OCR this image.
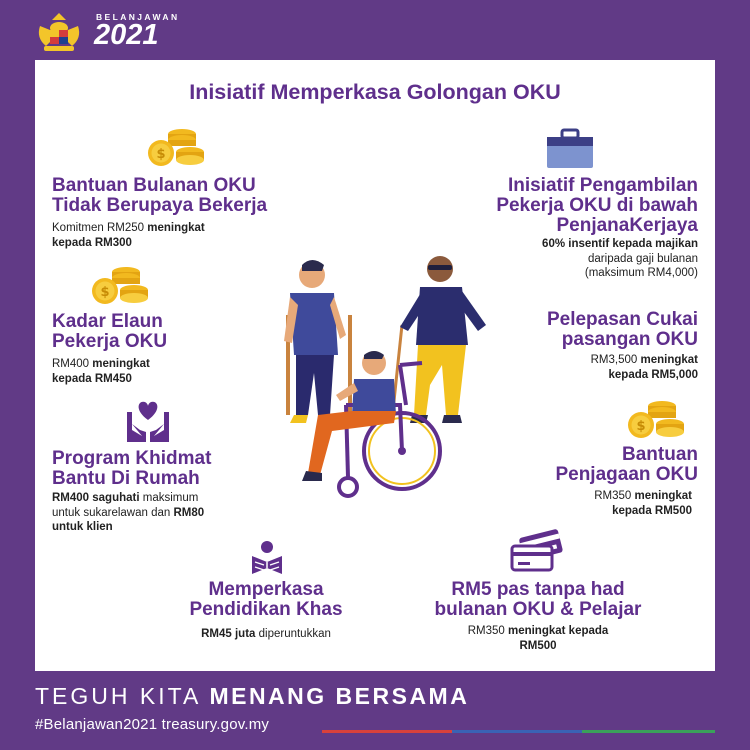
BELANJAWAN
2021
Inisiatif Memperkasa Golongan OKU
$
$
$
Bantuan Bulanan OKU
Tidak Berupaya Bekerja
Komitmen RM250 meningkat
kepada RM300
Kadar Elaun
Pekerja OKU
RM400 meningkat
kepada RM450
Program Khidmat
Bantu Di Rumah
RM400 saguhati maksimum
untuk sukarelawan dan RM80
untuk klien
Memperkasa
Pendidikan Khas
RM45 juta diperuntukkan
Inisiatif Pengambilan
Pekerja OKU di bawah
PenjanaKerjaya
60% insentif kepada majikan
daripada gaji bulanan
(maksimum RM4,000)
Pelepasan Cukai
pasangan OKU
RM3,500 meningkat
kepada RM5,000
Bantuan
Penjagaan OKU
RM350 meningkat
kepada RM500
RM5 pas tanpa had
bulanan OKU & Pelajar
RM350 meningkat kepada
RM500
TEGUH KITA MENANG BERSAMA
#Belanjawan2021 treasury.gov.my
